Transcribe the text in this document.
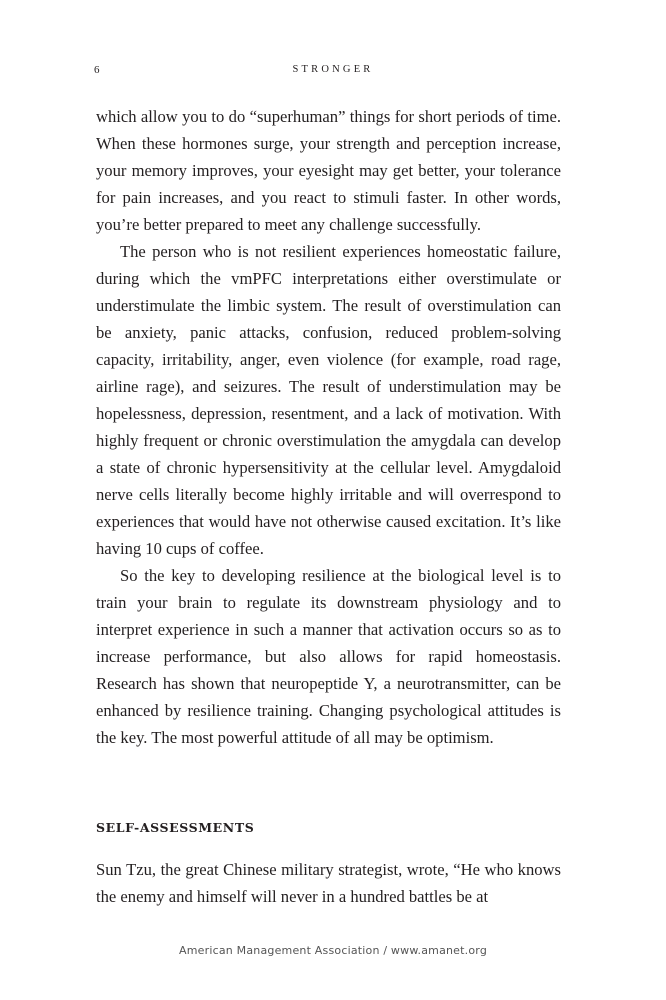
6	STRONGER

which allow you to do “superhuman” things for short periods of time. When these hormones surge, your strength and perception increase, your memory improves, your eyesight may get better, your tolerance for pain increases, and you react to stimuli faster. In other words, you’re better prepared to meet any challenge successfully.

The person who is not resilient experiences homeostatic failure, during which the vmPFC interpretations either overstimulate or understimulate the limbic system. The result of overstimulation can be anxiety, panic attacks, confusion, reduced problem-solving capacity, irritability, anger, even violence (for example, road rage, airline rage), and seizures. The result of understimulation may be hopelessness, depression, resentment, and a lack of motivation. With highly frequent or chronic overstimulation the amygdala can develop a state of chronic hypersensitivity at the cellular level. Amygdaloid nerve cells literally become highly irritable and will overrespond to experiences that would have not otherwise caused excitation. It’s like having 10 cups of coffee.

So the key to developing resilience at the biological level is to train your brain to regulate its downstream physiology and to interpret experience in such a manner that activation occurs so as to increase performance, but also allows for rapid homeostasis. Research has shown that neuropeptide Y, a neurotransmitter, can be enhanced by resilience training. Changing psychological attitudes is the key. The most powerful attitude of all may be optimism.

SELF-ASSESSMENTS

Sun Tzu, the great Chinese military strategist, wrote, “He who knows the enemy and himself will never in a hundred battles be at

American Management Association / www.amanet.org
